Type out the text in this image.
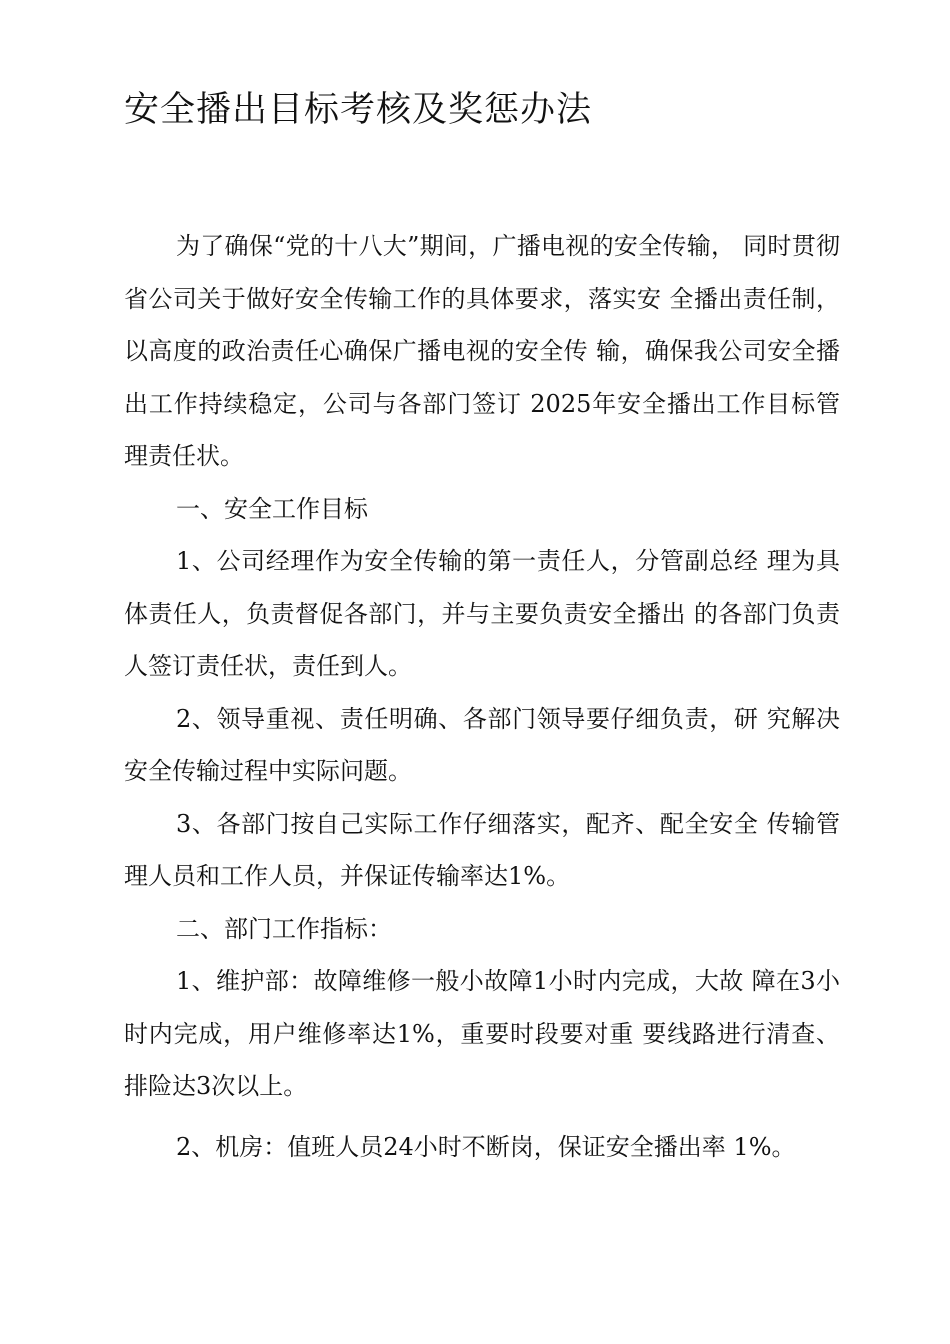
安全播出目标考核及奖惩办法

为了确保“党的十八大”期间，广播电视的安全传输， 同时贯彻省公司关于做好安全传输工作的具体要求，落实安 全播出责任制，以高度的政治责任心确保广播电视的安全传 输，确保我公司安全播出工作持续稳定，公司与各部门签订 2025年安全播出工作目标管理责任状。

一、安全工作目标

1、公司经理作为安全传输的第一责任人，分管副总经 理为具体责任人，负责督促各部门，并与主要负责安全播出 的各部门负责人签订责任状，责任到人。

2、领导重视、责任明确、各部门领导要仔细负责，研 究解决安全传输过程中实际问题。

3、各部门按自己实际工作仔细落实，配齐、配全安全 传输管理人员和工作人员，并保证传输率达1%。

二、部门工作指标：

1、维护部：故障维修一般小故障1小时内完成，大故 障在3小时内完成，用户维修率达1%，重要时段要对重 要线路进行清查、排险达3次以上。

2、机房：值班人员24小时不断岗，保证安全播出率 1%。
